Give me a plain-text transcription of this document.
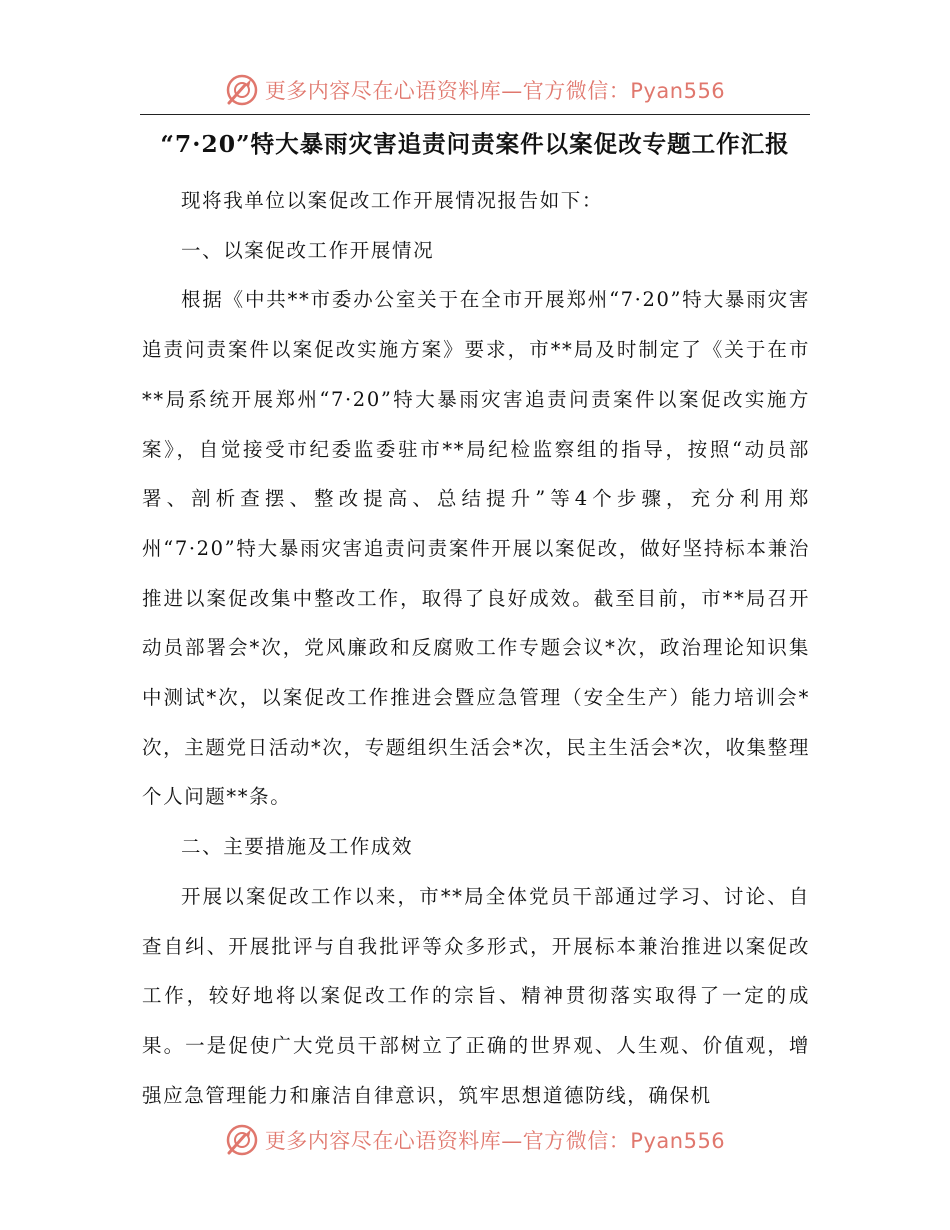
更多内容尽在心语资料库—官方微信：Pyan556
“7·20”特大暴雨灾害追责问责案件以案促改专题工作汇报

现将我单位以案促改工作开展情况报告如下：

一、以案促改工作开展情况

根据《中共**市委办公室关于在全市开展郑州“7·20”特大暴雨灾害追责问责案件以案促改实施方案》要求，市**局及时制定了《关于在市**局系统开展郑州“7·20”特大暴雨灾害追责问责案件以案促改实施方案》，自觉接受市纪委监委驻市**局纪检监察组的指导，按照“动员部署、剖析查摆、整改提高、总结提升”等4个步骤，充分利用郑州“7·20”特大暴雨灾害追责问责案件开展以案促改，做好坚持标本兼治推进以案促改集中整改工作，取得了良好成效。截至目前，市**局召开动员部署会*次，党风廉政和反腐败工作专题会议*次，政治理论知识集中测试*次，以案促改工作推进会暨应急管理（安全生产）能力培训会*次，主题党日活动*次，专题组织生活会*次，民主生活会*次，收集整理个人问题**条。

二、主要措施及工作成效

开展以案促改工作以来，市**局全体党员干部通过学习、讨论、自查自纠、开展批评与自我批评等众多形式，开展标本兼治推进以案促改工作，较好地将以案促改工作的宗旨、精神贯彻落实取得了一定的成果。一是促使广大党员干部树立了正确的世界观、人生观、价值观，增强应急管理能力和廉洁自律意识，筑牢思想道德防线，确保机

更多内容尽在心语资料库—官方微信：Pyan556
